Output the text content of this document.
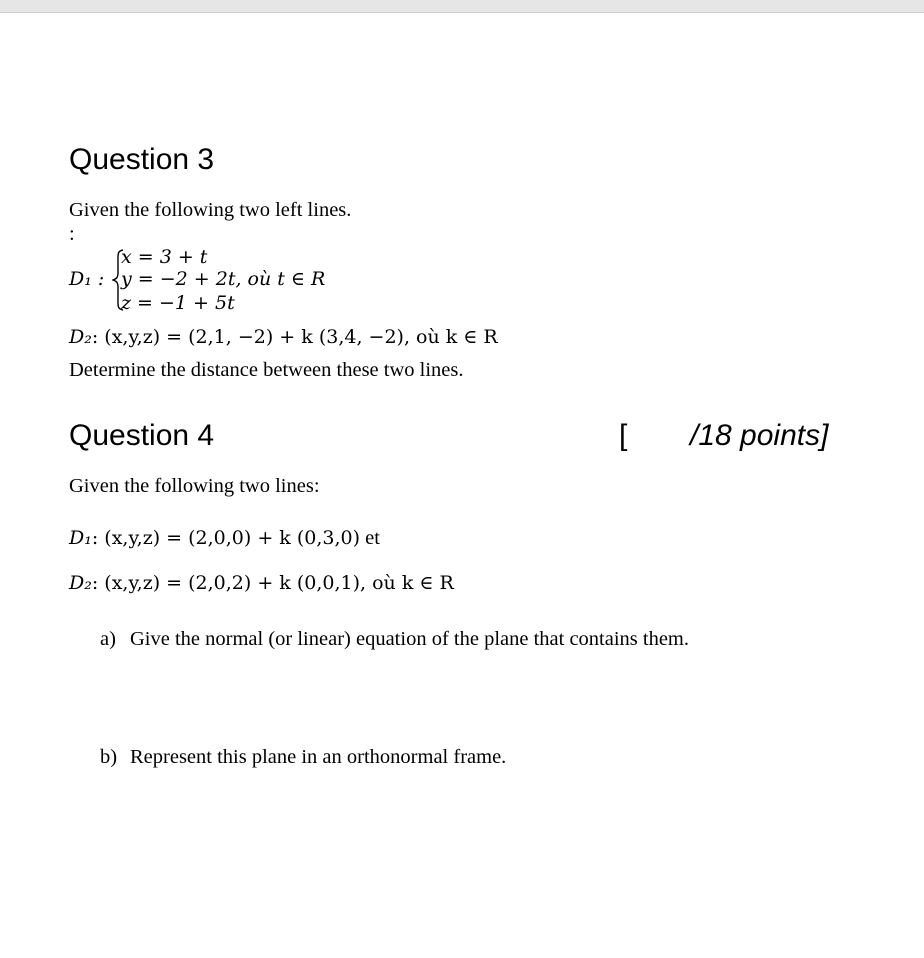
Question 3
Given the following two left lines.
:
D₁ :
x = 3 + t
y = −2 + 2t, où t ∈ R
z = −1 + 5t
D₂: (x,y,z) = (2,1, −2) + k (3,4, −2), où k ∈ R
Determine the distance between these two lines.
Question 4	[ /18 points]
Given the following two lines:
D₁: (x,y,z) = (2,0,0) + k (0,3,0) et
D₂: (x,y,z) = (2,0,2) + k (0,0,1), où k ∈ R
a) Give the normal (or linear) equation of the plane that contains them.
b) Represent this plane in an orthonormal frame.
